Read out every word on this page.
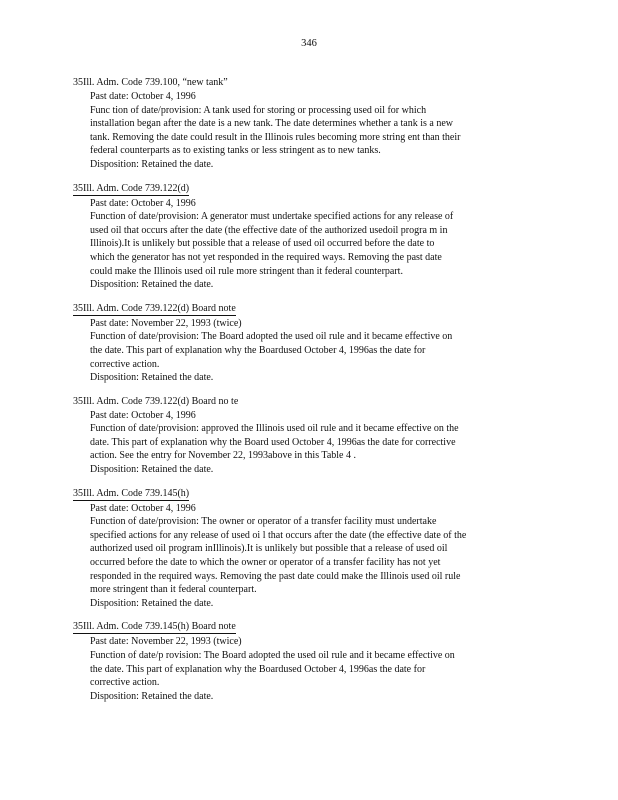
346
35Ill. Adm. Code 739.100, “new tank”
Past date: October 4, 1996
Func tion of date/provision: A tank used for storing or processing used oil for which
installation began after the date is a new tank. The date determines whether a tank is a new
tank. Removing the date could result in the Illinois rules becoming more string ent than their
federal counterparts as to existing tanks or less stringent as to new tanks.
Disposition: Retained the date.
35Ill. Adm. Code 739.122(d)
Past date: October 4, 1996
Function of date/provision: A generator must undertake specified actions for any release of
used oil that occurs after the date (the effective date of the authorized usedoil progra m in
Illinois).It is unlikely but possible that a release of used oil occurred before the date to
which the generator has not yet responded in the required ways. Removing the past date
could make the Illinois used oil rule more stringent than it federal counterpart.
Disposition: Retained the date.
35Ill. Adm. Code 739.122(d) Board note
Past date: November 22, 1993 (twice)
Function of date/provision: The Board adopted the used oil rule and it became effective on
the date. This part of explanation why the Boardused October 4, 1996as the date for
corrective action.
Disposition: Retained the date.
35Ill. Adm. Code 739.122(d) Board no te
Past date: October 4, 1996
Function of date/provision: approved the Illinois used oil rule and it became effective on the
date. This part of explanation why the Board used October 4, 1996as the date for corrective
action. See the entry for November 22, 1993above in this Table 4 .
Disposition: Retained the date.
35Ill. Adm. Code 739.145(h)
Past date: October 4, 1996
Function of date/provision: The owner or operator of a transfer facility must undertake
specified actions for any release of used oi l that occurs after the date (the effective date of the
authorized used oil program inIllinois).It is unlikely but possible that a release of used oil
occurred before the date to which the owner or operator of a transfer facility has not yet
responded in the required ways. Removing the past date could make the Illinois used oil rule
more stringent than it federal counterpart.
Disposition: Retained the date.
35Ill. Adm. Code 739.145(h) Board note
Past date: November 22, 1993 (twice)
Function of date/p rovision: The Board adopted the used oil rule and it became effective on
the date. This part of explanation why the Boardused October 4, 1996as the date for
corrective action.
Disposition: Retained the date.
